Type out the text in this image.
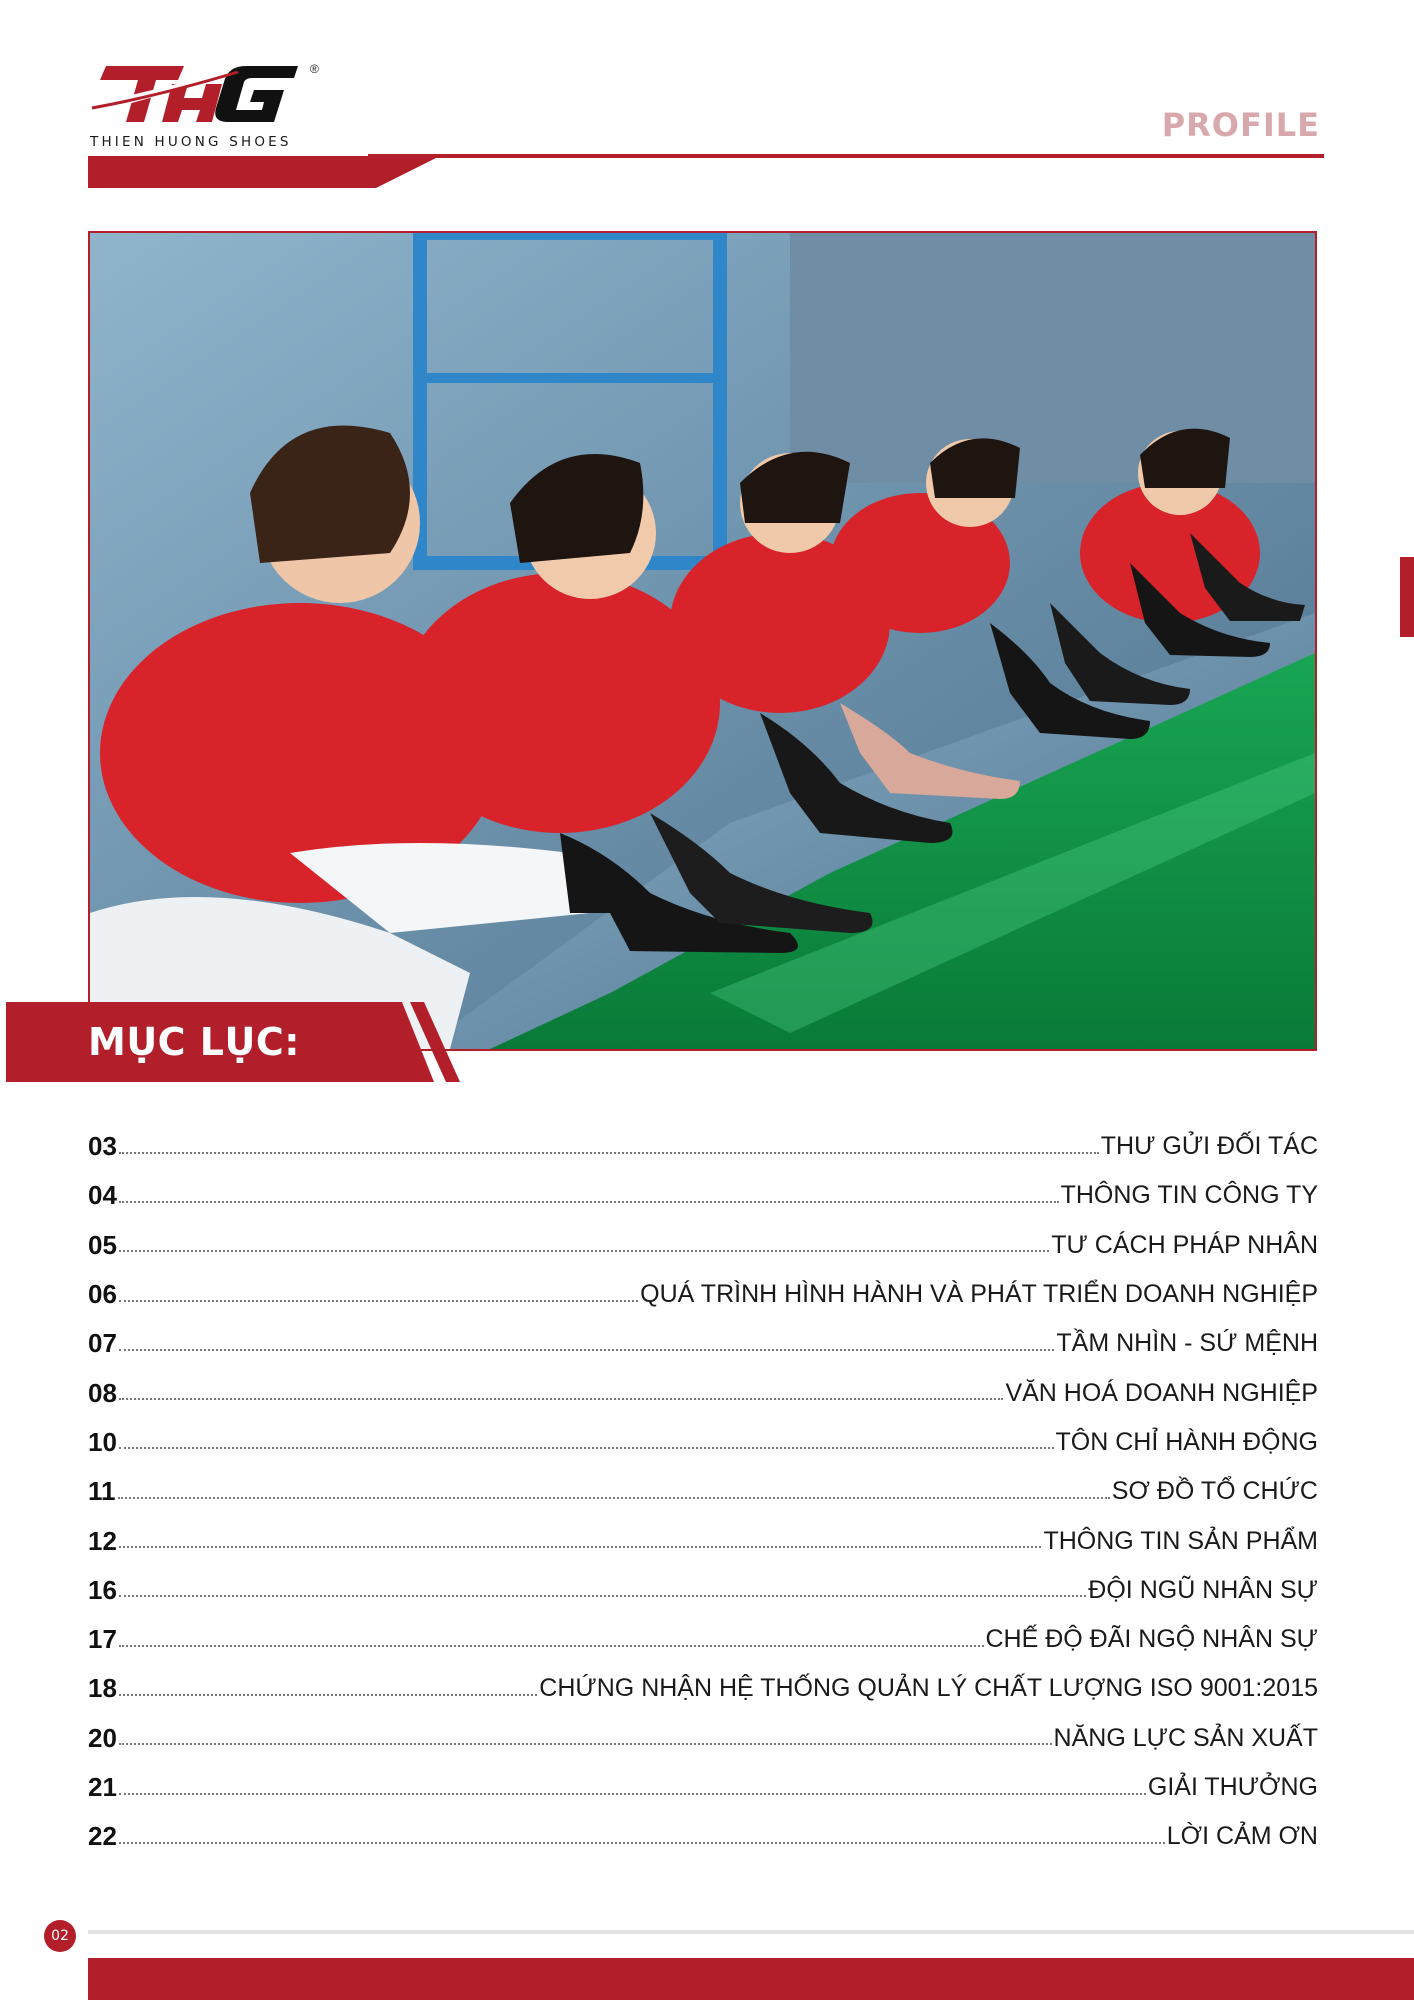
®
THIEN HUONG SHOES	PROFILE
MỤC LỤC:
03	THƯ GỬI ĐỐI TÁC
04	THÔNG TIN CÔNG TY
05	TƯ CÁCH PHÁP NHÂN
06	QUÁ TRÌNH HÌNH HÀNH VÀ PHÁT TRIỂN DOANH NGHIỆP
07	TẦM NHÌN - SỨ MỆNH
08	VĂN HOÁ DOANH NGHIỆP
10	TÔN CHỈ HÀNH ĐỘNG
11	SƠ ĐỒ TỔ CHỨC
12	THÔNG TIN SẢN PHẨM
16	ĐỘI NGŨ NHÂN SỰ
17	CHẾ ĐỘ ĐÃI NGỘ NHÂN SỰ
18	CHỨNG NHẬN HỆ THỐNG QUẢN LÝ CHẤT LƯỢNG ISO 9001:2015
20	NĂNG LỰC SẢN XUẤT
21	GIẢI THƯỞNG
22	LỜI CẢM ƠN
02
